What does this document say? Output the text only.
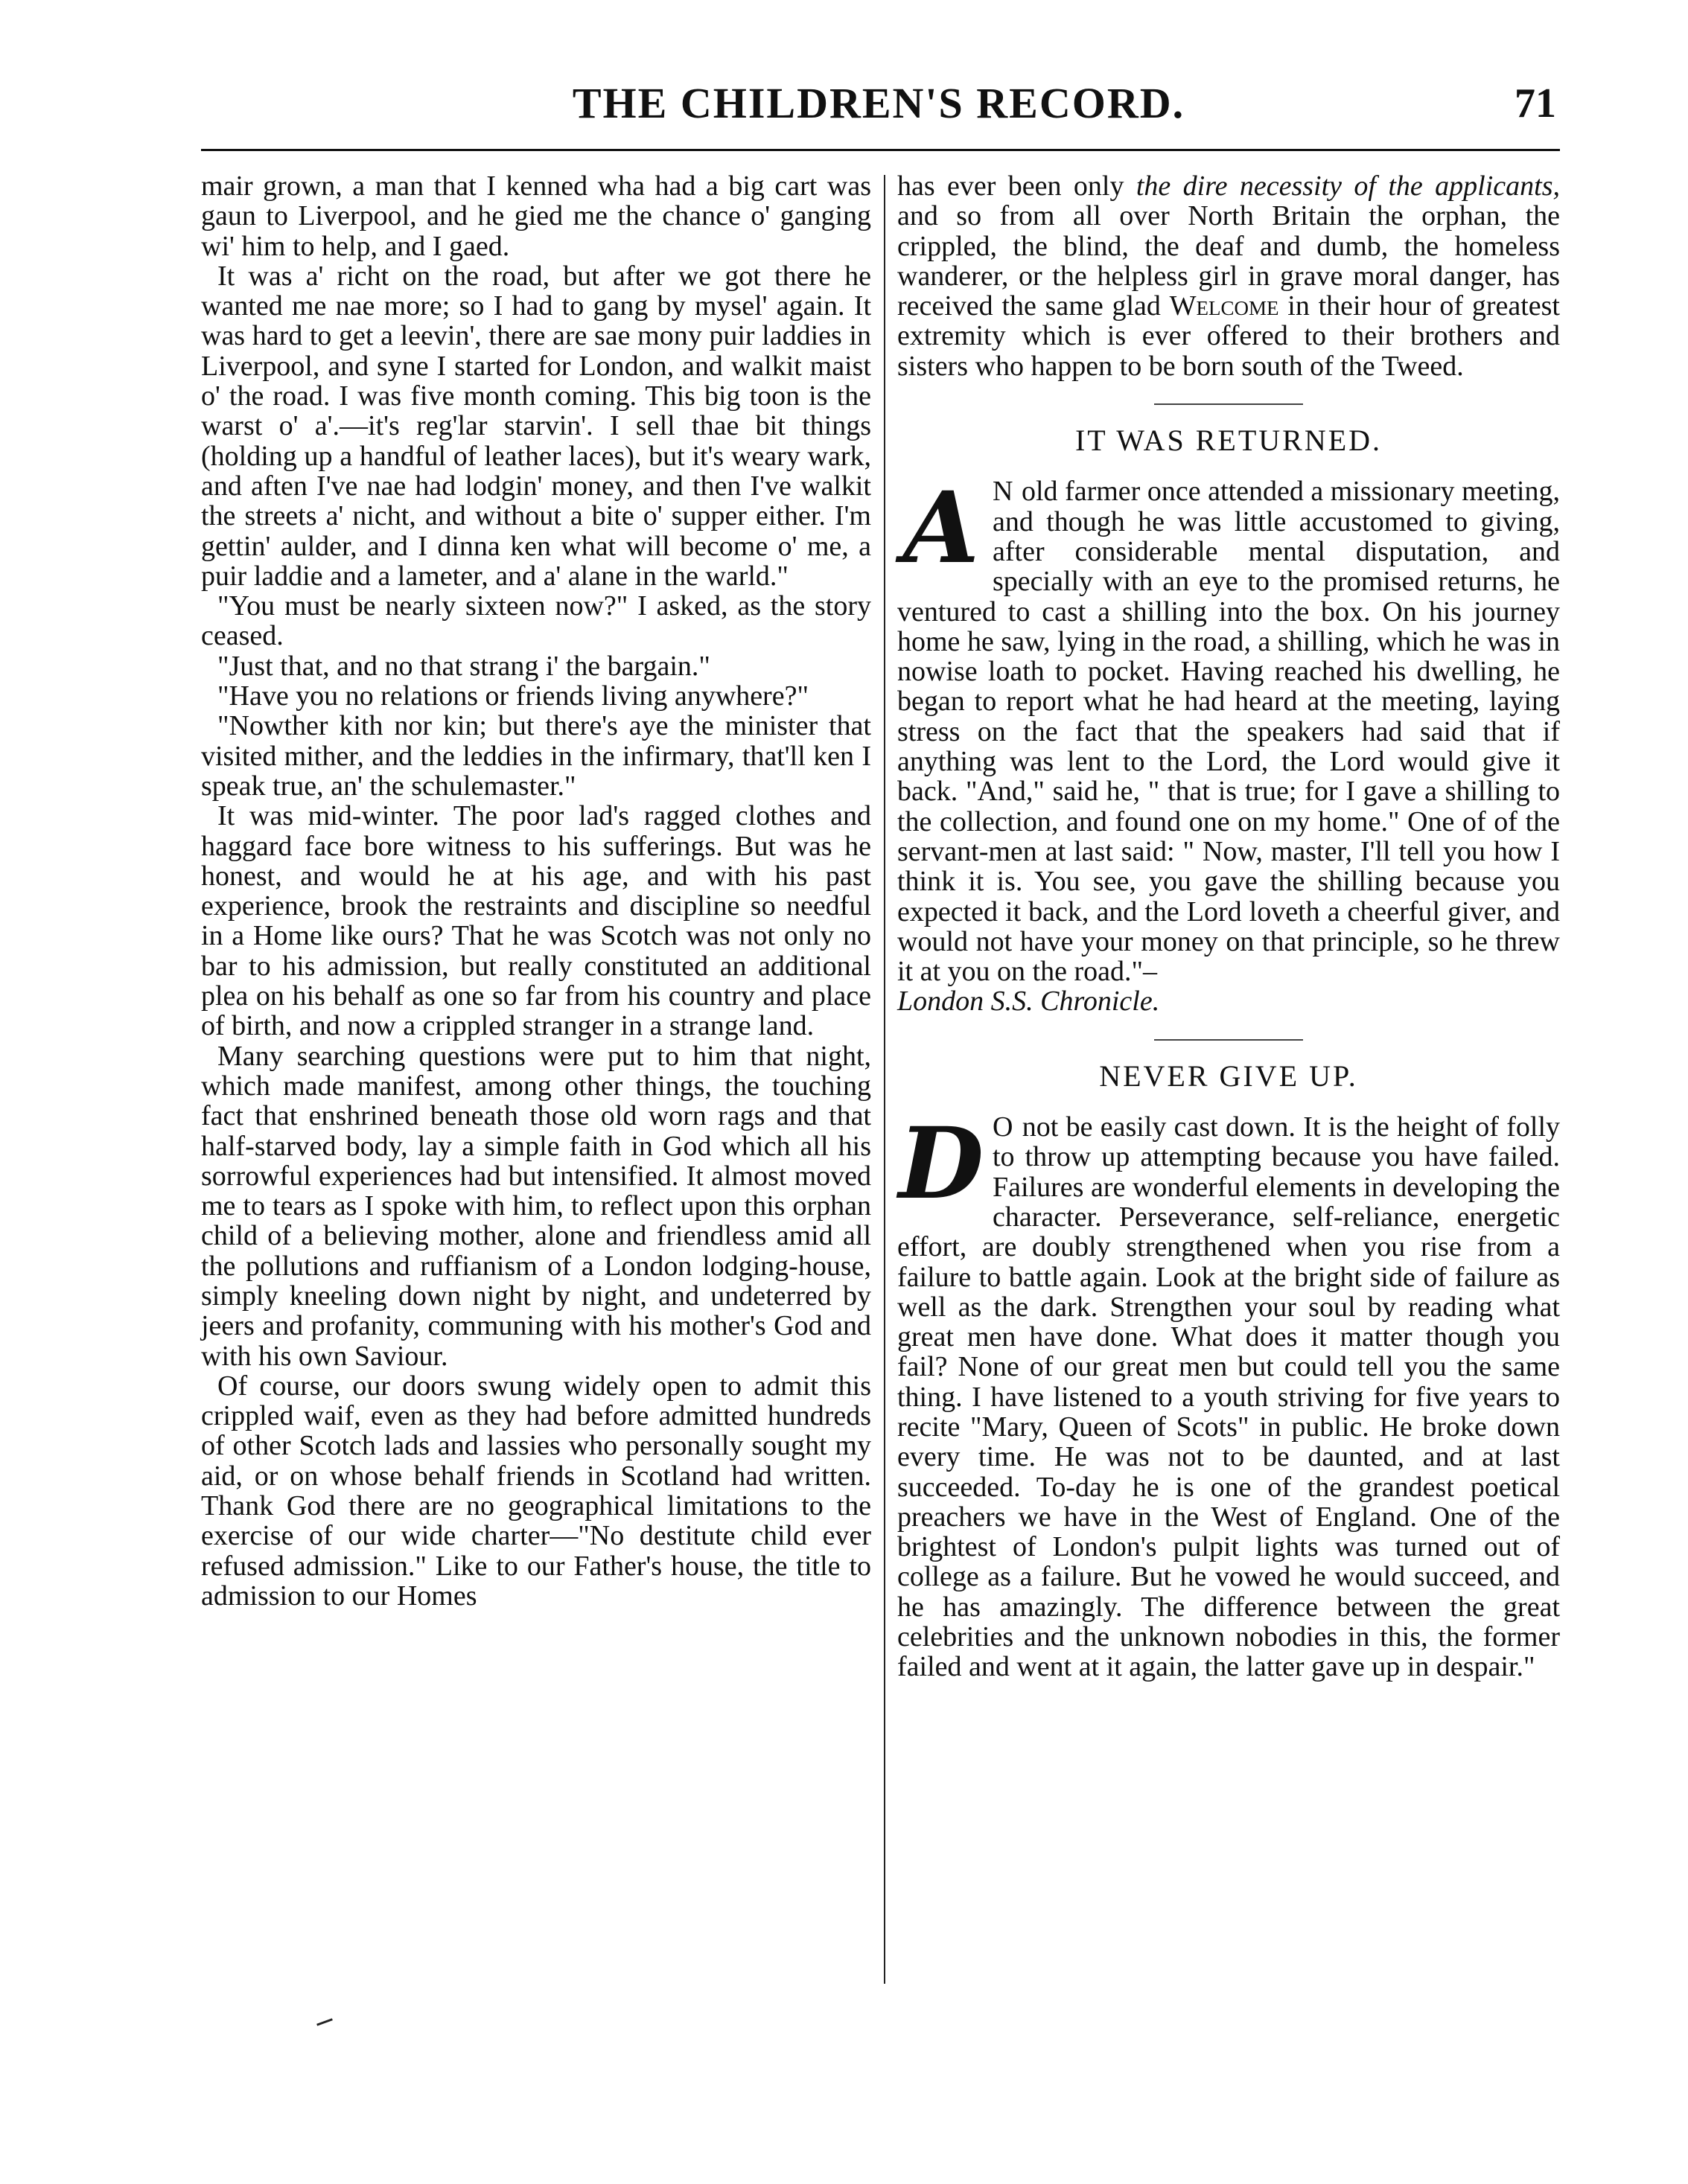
THE CHILDREN'S RECORD.	71

mair grown, a man that I kenned wha had a big cart was gaun to Liverpool, and he gied me the chance o' ganging wi' him to help, and I gaed.

It was a' richt on the road, but after we got there he wanted me nae more; so I had to gang by mysel' again. It was hard to get a leevin', there are sae mony puir laddies in Liverpool, and syne I started for London, and walkit maist o' the road. I was five month coming. This big toon is the warst o' a'.—it's reg'lar starvin'. I sell thae bit things (holding up a handful of leather laces), but it's weary wark, and aften I've nae had lodgin' money, and then I've walkit the streets a' nicht, and without a bite o' supper either. I'm gettin' aulder, and I dinna ken what will become o' me, a puir laddie and a lameter, and a' alane in the warld."

"You must be nearly sixteen now?" I asked, as the story ceased.

"Just that, and no that strang i' the bargain."

"Have you no relations or friends living anywhere?"

"Nowther kith nor kin; but there's aye the minister that visited mither, and the leddies in the infirmary, that'll ken I speak true, an' the schulemaster."

It was mid-winter. The poor lad's ragged clothes and haggard face bore witness to his sufferings. But was he honest, and would he at his age, and with his past experience, brook the restraints and discipline so needful in a Home like ours? That he was Scotch was not only no bar to his admission, but really constituted an additional plea on his behalf as one so far from his country and place of birth, and now a crippled stranger in a strange land.

Many searching questions were put to him that night, which made manifest, among other things, the touching fact that enshrined beneath those old worn rags and that half-starved body, lay a simple faith in God which all his sorrowful experiences had but intensified. It almost moved me to tears as I spoke with him, to reflect upon this orphan child of a believing mother, alone and friendless amid all the pollutions and ruffianism of a London lodging-house, simply kneeling down night by night, and undeterred by jeers and profanity, communing with his mother's God and with his own Saviour.

Of course, our doors swung widely open to admit this crippled waif, even as they had before admitted hundreds of other Scotch lads and lassies who personally sought my aid, or on whose behalf friends in Scotland had written. Thank God there are no geographical limitations to the exercise of our wide charter—"No destitute child ever refused admission." Like to our Father's house, the title to admission to our Homes

has ever been only the dire necessity of the applicants, and so from all over North Britain the orphan, the crippled, the blind, the deaf and dumb, the homeless wanderer, or the helpless girl in grave moral danger, has received the same glad Welcome in their hour of greatest extremity which is ever offered to their brothers and sisters who happen to be born south of the Tweed.

IT WAS RETURNED.

A N old farmer once attended a missionary meeting, and though he was little accustomed to giving, after considerable mental disputation, and specially with an eye to the promised returns, he ventured to cast a shilling into the box. On his journey home he saw, lying in the road, a shilling, which he was in nowise loath to pocket. Having reached his dwelling, he began to report what he had heard at the meeting, laying stress on the fact that the speakers had said that if anything was lent to the Lord, the Lord would give it back. "And," said he, " that is true; for I gave a shilling to the collection, and found one on my home." One of of the servant-men at last said: " Now, master, I'll tell you how I think it is. You see, you gave the shilling because you expected it back, and the Lord loveth a cheerful giver, and would not have your money on that principle, so he threw it at you on the road."–

London S.S. Chronicle.

NEVER GIVE UP.

D O not be easily cast down. It is the height of folly to throw up attempting because you have failed. Failures are wonderful elements in developing the character. Perseverance, self-reliance, energetic effort, are doubly strengthened when you rise from a failure to battle again. Look at the bright side of failure as well as the dark. Strengthen your soul by reading what great men have done. What does it matter though you fail? None of our great men but could tell you the same thing. I have listened to a youth striving for five years to recite "Mary, Queen of Scots" in public. He broke down every time. He was not to be daunted, and at last succeeded. To-day he is one of the grandest poetical preachers we have in the West of England. One of the brightest of London's pulpit lights was turned out of college as a failure. But he vowed he would succeed, and he has amazingly. The difference between the great celebrities and the unknown nobodies in this, the former failed and went at it again, the latter gave up in despair."
